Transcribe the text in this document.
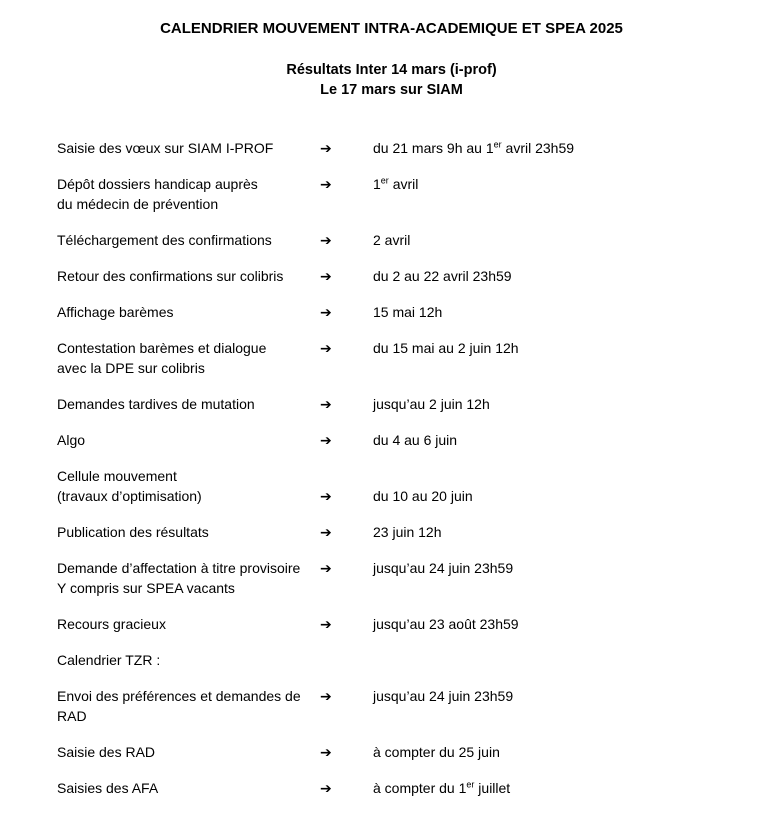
CALENDRIER MOUVEMENT INTRA-ACADEMIQUE ET SPEA 2025
Résultats Inter 14 mars (i-prof)
Le 17 mars sur SIAM
Saisie des vœux sur SIAM I-PROF	➔	du 21 mars 9h au 1er avril 23h59
Dépôt dossiers handicap auprès
du médecin de prévention
➔	1er avril
Téléchargement des confirmations	➔	2 avril
Retour des confirmations sur colibris	➔	du 2 au 22 avril 23h59
Affichage barèmes	➔	15 mai 12h
Contestation barèmes et dialogue
avec la DPE sur colibris
➔	du 15 mai au 2 juin 12h
Demandes tardives de mutation	➔	jusqu’au 2 juin 12h
Algo	➔	du 4 au 6 juin
Cellule mouvement
(travaux d’optimisation)	➔	du 10 au 20 juin
Publication des résultats	➔	23 juin 12h
Demande d’affectation à titre provisoire
Y compris sur SPEA vacants
➔	jusqu’au 24 juin 23h59
Recours gracieux	➔	jusqu’au 23 août 23h59
Calendrier TZR :
Envoi des préférences et demandes de
RAD
➔	jusqu’au 24 juin 23h59
Saisie des RAD	➔	à compter du 25 juin
Saisies des AFA	➔	à compter du 1er juillet
